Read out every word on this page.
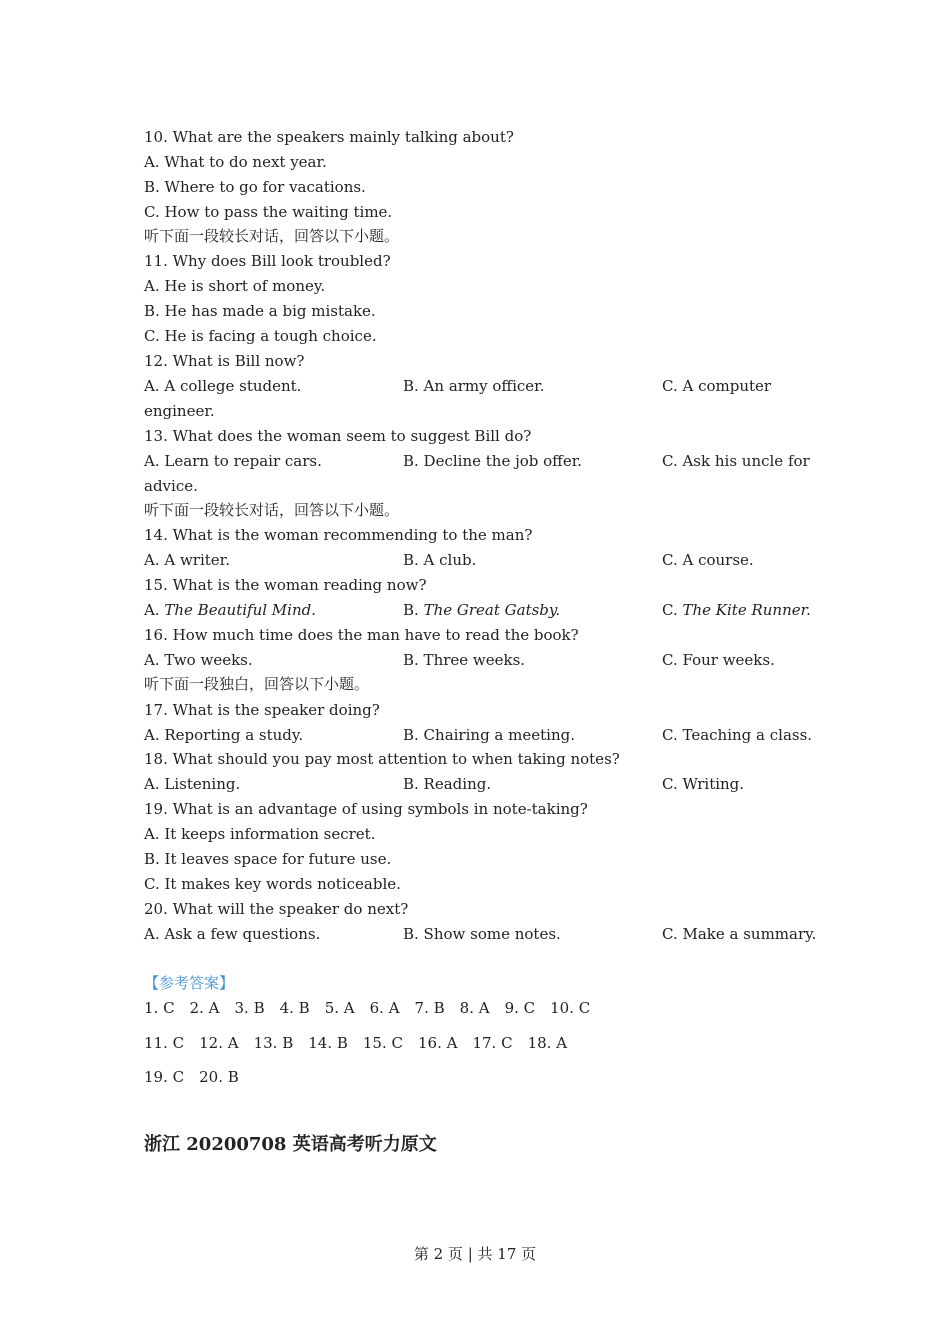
10. What are the speakers mainly talking about?
A. What to do next year.
B. Where to go for vacations.
C. How to pass the waiting time.
听下面一段较长对话，回答以下小题。
11. Why does Bill look troubled?
A. He is short of money.
B. He has made a big mistake.
C. He is facing a tough choice.
12. What is Bill now?
A. A college student.	B. An army officer.	C. A computer
engineer.
13. What does the woman seem to suggest Bill do?
A. Learn to repair cars.	B. Decline the job offer.	C. Ask his uncle for
advice.
听下面一段较长对话，回答以下小题。
14. What is the woman recommending to the man?
A. A writer.	B. A club.	C. A course.
15. What is the woman reading now?
A. The Beautiful Mind.	B. The Great Gatsby.	C. The Kite Runner.
16. How much time does the man have to read the book?
A. Two weeks.	B. Three weeks.	C. Four weeks.
听下面一段独白，回答以下小题。
17. What is the speaker doing?
A. Reporting a study.	B. Chairing a meeting.	C. Teaching a class.
18. What should you pay most attention to when taking notes?
A. Listening.	B. Reading.	C. Writing.
19. What is an advantage of using symbols in note-taking?
A. It keeps information secret.
B. It leaves space for future use.
C. It makes key words noticeable.
20. What will the speaker do next?
A. Ask a few questions.	B. Show some notes.	C. Make a summary.
【参考答案】
1. C 2. A 3. B 4. B 5. A 6. A 7. B 8. A 9. C 10. C
11. C 12. A 13. B 14. B 15. C 16. A 17. C 18. A
19. C 20. B
浙江 20200708 英语高考听力原文
第 2 页 | 共 17 页
